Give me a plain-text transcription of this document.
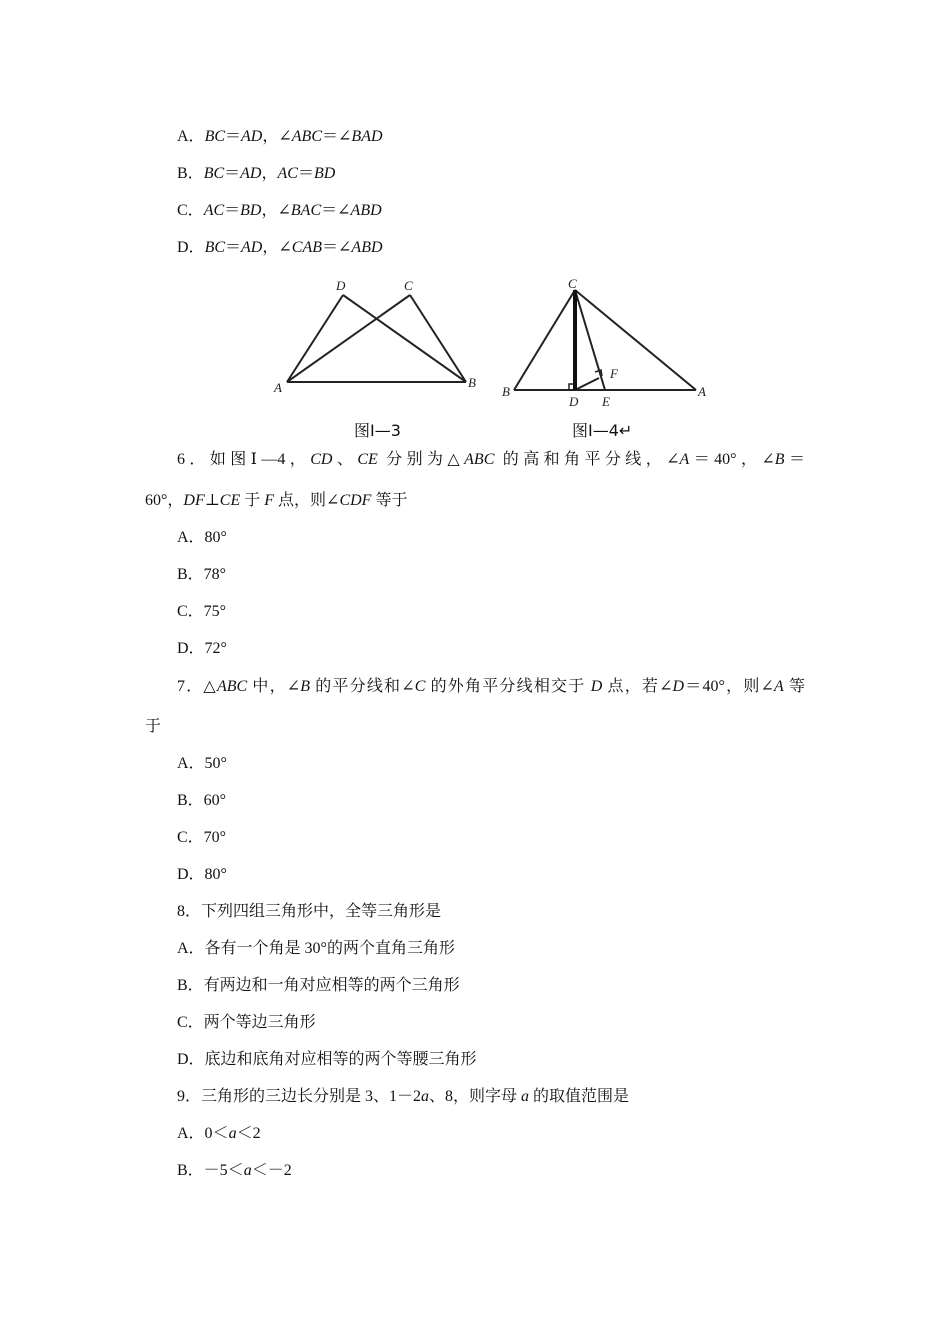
A．BC＝AD，∠ABC＝∠BAD
B．BC＝AD，AC＝BD
C．AC＝BD，∠BAC＝∠ABD
D．BC＝AD，∠CAB＝∠ABD
D	C
A	B
图Ⅰ—3
C
B	A
D E
F
图Ⅰ—4↵
6．如图Ⅰ—4，CD、CE 分别为△ABC 的高和角平分线，∠A＝40°，∠B＝
60°，DF⊥CE 于 F 点，则∠CDF 等于
A．80°
B．78°
C．75°
D．72°
7．△ABC 中，∠B 的平分线和∠C 的外角平分线相交于 D 点，若∠D＝40°，则∠A 等
于
A．50°
B．60°
C．70°
D．80°
8．下列四组三角形中，全等三角形是
A．各有一个角是 30°的两个直角三角形
B．有两边和一角对应相等的两个三角形
C．两个等边三角形
D．底边和底角对应相等的两个等腰三角形
9．三角形的三边长分别是 3、1－2a、8，则字母 a 的取值范围是
A．0＜a＜2
B．－5＜a＜－2
